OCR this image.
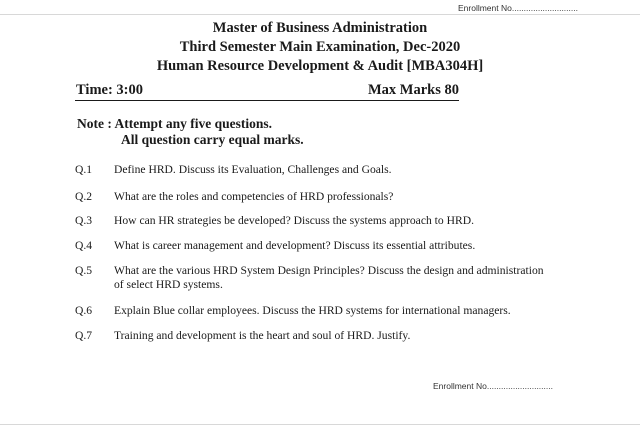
Enrollment No............................
Master of Business Administration
Third Semester Main Examination, Dec-2020
Human Resource Development & Audit [MBA304H]
Time: 3:00	Max Marks 80
Note : Attempt any five questions.
All question carry equal marks.
Q.1 Define HRD. Discuss its Evaluation, Challenges and Goals.
Q.2 What are the roles and competencies of HRD professionals?
Q.3 How can HR strategies be developed? Discuss the systems approach to HRD.
Q.4 What is career management and development? Discuss its essential attributes.
Q.5 What are the various HRD System Design Principles? Discuss the design and administration of select HRD systems.
Q.6 Explain Blue collar employees. Discuss the HRD systems for international managers.
Q.7 Training and development is the heart and soul of HRD. Justify.
Enrollment No............................
